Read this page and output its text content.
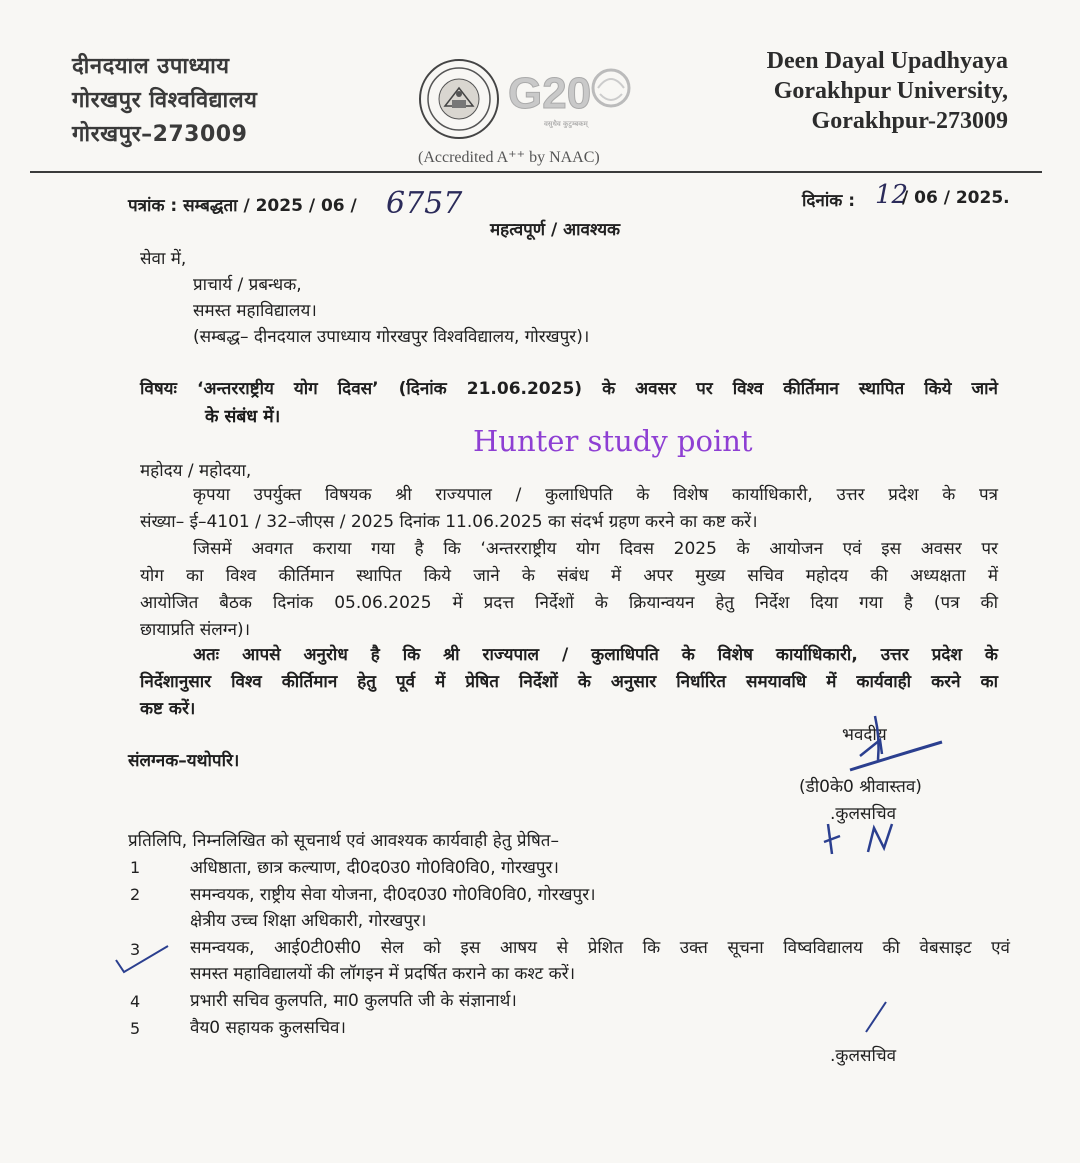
दीनदयाल उपाध्याय
गोरखपुर विश्वविद्यालय
गोरखपुर–273009
Deen Dayal Upadhyaya
Gorakhpur University,
Gorakhpur-273009
G20
वसुधैव कुटुम्बकम्
(Accredited A⁺⁺ by NAAC)
पत्रांक : सम्बद्धता / 2025 / 06 / 6757	दिनांक : 12
/ 06 / 2025.
महत्वपूर्ण / आवश्यक
सेवा में,
प्राचार्य / प्रबन्धक,
समस्त महाविद्यालय।
(सम्बद्ध– दीनदयाल उपाध्याय गोरखपुर विश्वविद्यालय, गोरखपुर)।
विषयः ‘अन्तरराष्ट्रीय योग दिवस’ (दिनांक 21.06.2025) के अवसर पर विश्व कीर्तिमान स्थापित किये जाने
के संबंध में।
Hunter study point
महोदय / महोदया,
कृपया उपर्युक्त विषयक श्री राज्यपाल / कुलाधिपति के विशेष कार्याधिकारी, उत्तर प्रदेश के पत्र
संख्या– ई–4101 / 32–जीएस / 2025 दिनांक 11.06.2025 का संदर्भ ग्रहण करने का कष्ट करें।
जिसमें अवगत कराया गया है कि ‘अन्तरराष्ट्रीय योग दिवस 2025 के आयोजन एवं इस अवसर पर
योग का विश्व कीर्तिमान स्थापित किये जाने के संबंध में अपर मुख्य सचिव महोदय की अध्यक्षता में
आयोजित बैठक दिनांक 05.06.2025 में प्रदत्त निर्देशों के क्रियान्वयन हेतु निर्देश दिया गया है (पत्र की
छायाप्रति संलग्न)।
अतः आपसे अनुरोध है कि श्री राज्यपाल / कुलाधिपति के विशेष कार्याधिकारी, उत्तर प्रदेश के
निर्देशानुसार विश्व कीर्तिमान हेतु पूर्व में प्रेषित निर्देशों के अनुसार निर्धारित समयावधि में कार्यवाही करने का
कष्ट करें।
भवदीय
(डी0के0 श्रीवास्तव)
.कुलसचिव
संलग्नक–यथोपरि।
प्रतिलिपि, निम्नलिखित को सूचनार्थ एवं आवश्यक कार्यवाही हेतु प्रेषित–
1	अधिष्ठाता, छात्र कल्याण, दी0द0उ0 गो0वि0वि0, गोरखपुर।
2	समन्वयक, राष्ट्रीय सेवा योजना, दी0द0उ0 गो0वि0वि0, गोरखपुर।
क्षेत्रीय उच्च शिक्षा अधिकारी, गोरखपुर।
3	समन्वयक, आई0टी0सी0 सेल को इस आषय से प्रेशित कि उक्त सूचना विष्वविद्यालय की वेबसाइट एवं
समस्त महाविद्यालयों की लॉगइन में प्रदर्षित कराने का कश्ट करें।
4	प्रभारी सचिव कुलपति, मा0 कुलपति जी के संज्ञानार्थ।
5	वैय0 सहायक कुलसचिव।
.कुलसचिव
